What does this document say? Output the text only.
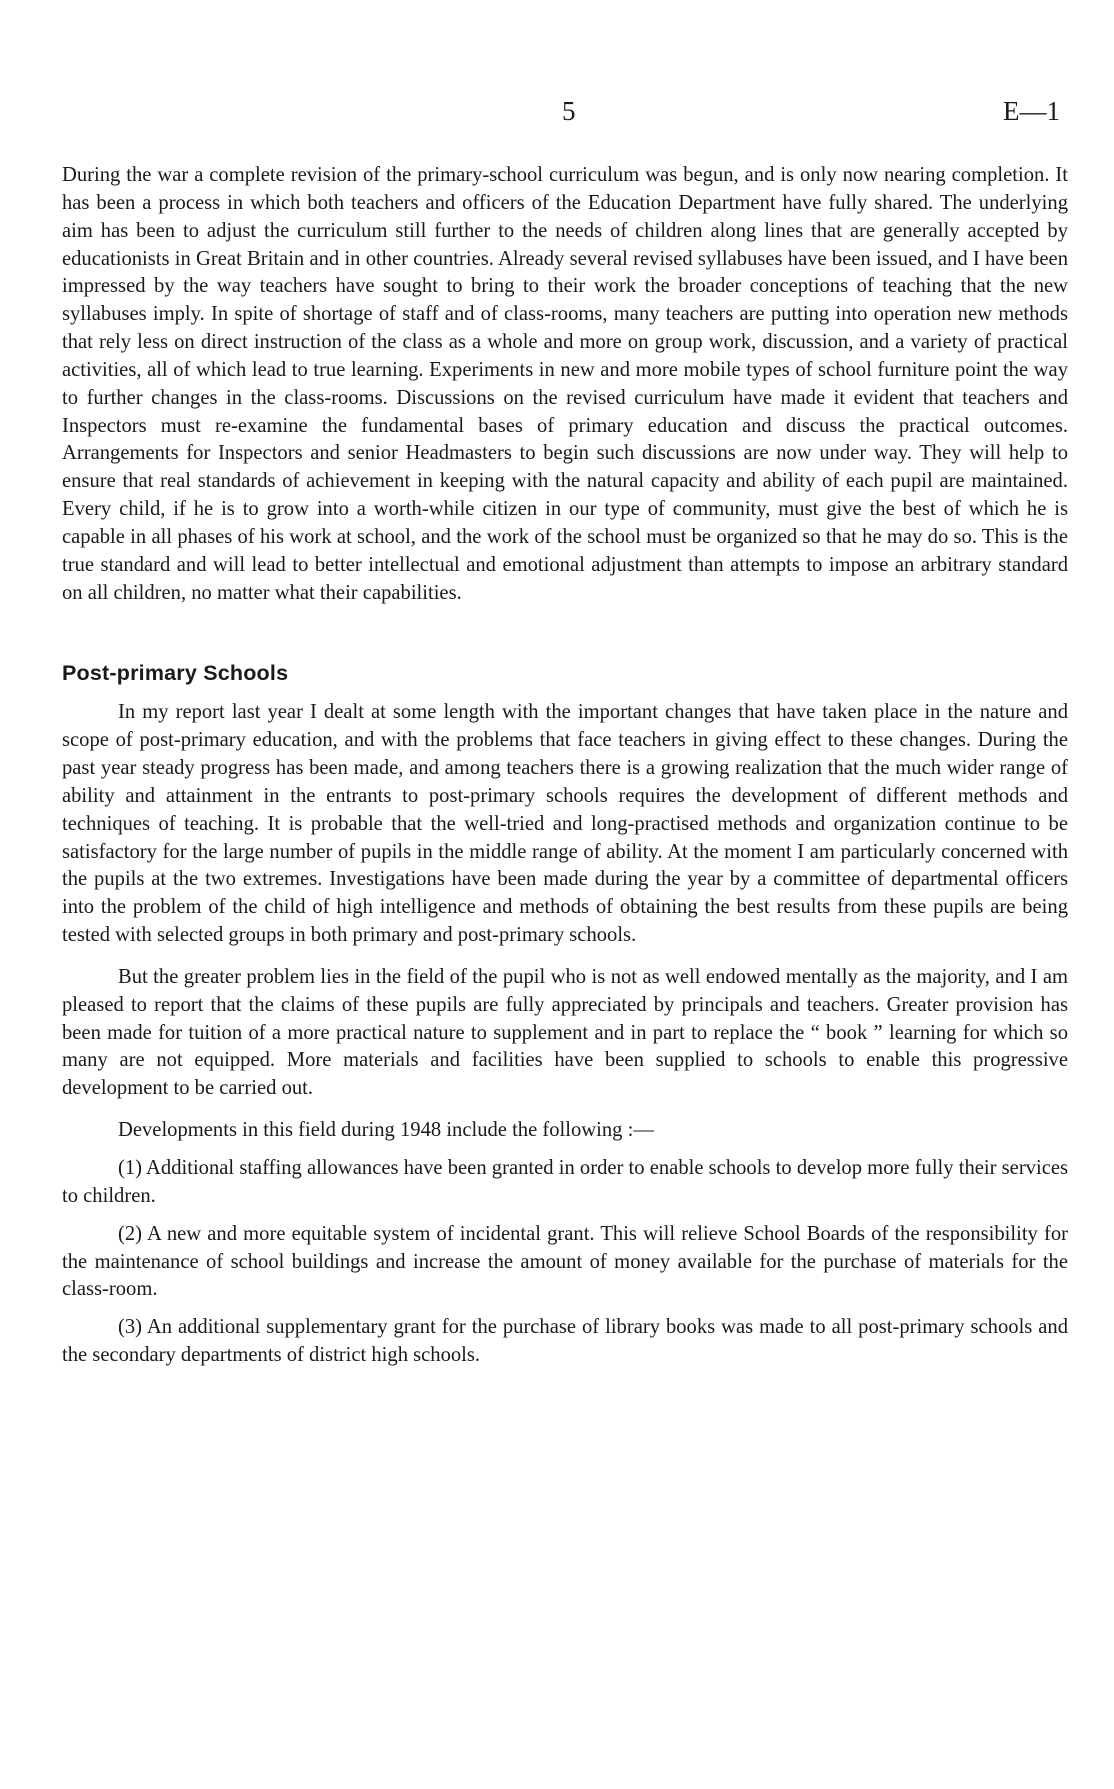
5	E—1

During the war a complete revision of the primary-school curriculum was begun, and is only now nearing completion. It has been a process in which both teachers and officers of the Education Department have fully shared. The underlying aim has been to adjust the curriculum still further to the needs of children along lines that are generally accepted by educationists in Great Britain and in other countries. Already several revised syllabuses have been issued, and I have been impressed by the way teachers have sought to bring to their work the broader conceptions of teaching that the new syllabuses imply. In spite of shortage of staff and of class-rooms, many teachers are putting into operation new methods that rely less on direct instruction of the class as a whole and more on group work, discussion, and a variety of practical activities, all of which lead to true learning. Experiments in new and more mobile types of school furniture point the way to further changes in the class-rooms. Discussions on the revised curriculum have made it evident that teachers and Inspectors must re-examine the fundamental bases of primary education and discuss the practical outcomes. Arrangements for Inspectors and senior Headmasters to begin such discussions are now under way. They will help to ensure that real standards of achievement in keeping with the natural capacity and ability of each pupil are maintained. Every child, if he is to grow into a worth-while citizen in our type of community, must give the best of which he is capable in all phases of his work at school, and the work of the school must be organized so that he may do so. This is the true standard and will lead to better intellectual and emotional adjustment than attempts to impose an arbitrary standard on all children, no matter what their capabilities.

Post-primary Schools

In my report last year I dealt at some length with the important changes that have taken place in the nature and scope of post-primary education, and with the problems that face teachers in giving effect to these changes. During the past year steady progress has been made, and among teachers there is a growing realization that the much wider range of ability and attainment in the entrants to post-primary schools requires the development of different methods and techniques of teaching. It is probable that the well-tried and long-practised methods and organization continue to be satisfactory for the large number of pupils in the middle range of ability. At the moment I am particularly concerned with the pupils at the two extremes. Investigations have been made during the year by a committee of departmental officers into the problem of the child of high intelligence and methods of obtaining the best results from these pupils are being tested with selected groups in both primary and post-primary schools.

But the greater problem lies in the field of the pupil who is not as well endowed mentally as the majority, and I am pleased to report that the claims of these pupils are fully appreciated by principals and teachers. Greater provision has been made for tuition of a more practical nature to supplement and in part to replace the “ book ” learning for which so many are not equipped. More materials and facilities have been supplied to schools to enable this progressive development to be carried out.

Developments in this field during 1948 include the following :—

(1) Additional staffing allowances have been granted in order to enable schools to develop more fully their services to children.

(2) A new and more equitable system of incidental grant. This will relieve School Boards of the responsibility for the maintenance of school buildings and increase the amount of money available for the purchase of materials for the class-room.

(3) An additional supplementary grant for the purchase of library books was made to all post-primary schools and the secondary departments of district high schools.
